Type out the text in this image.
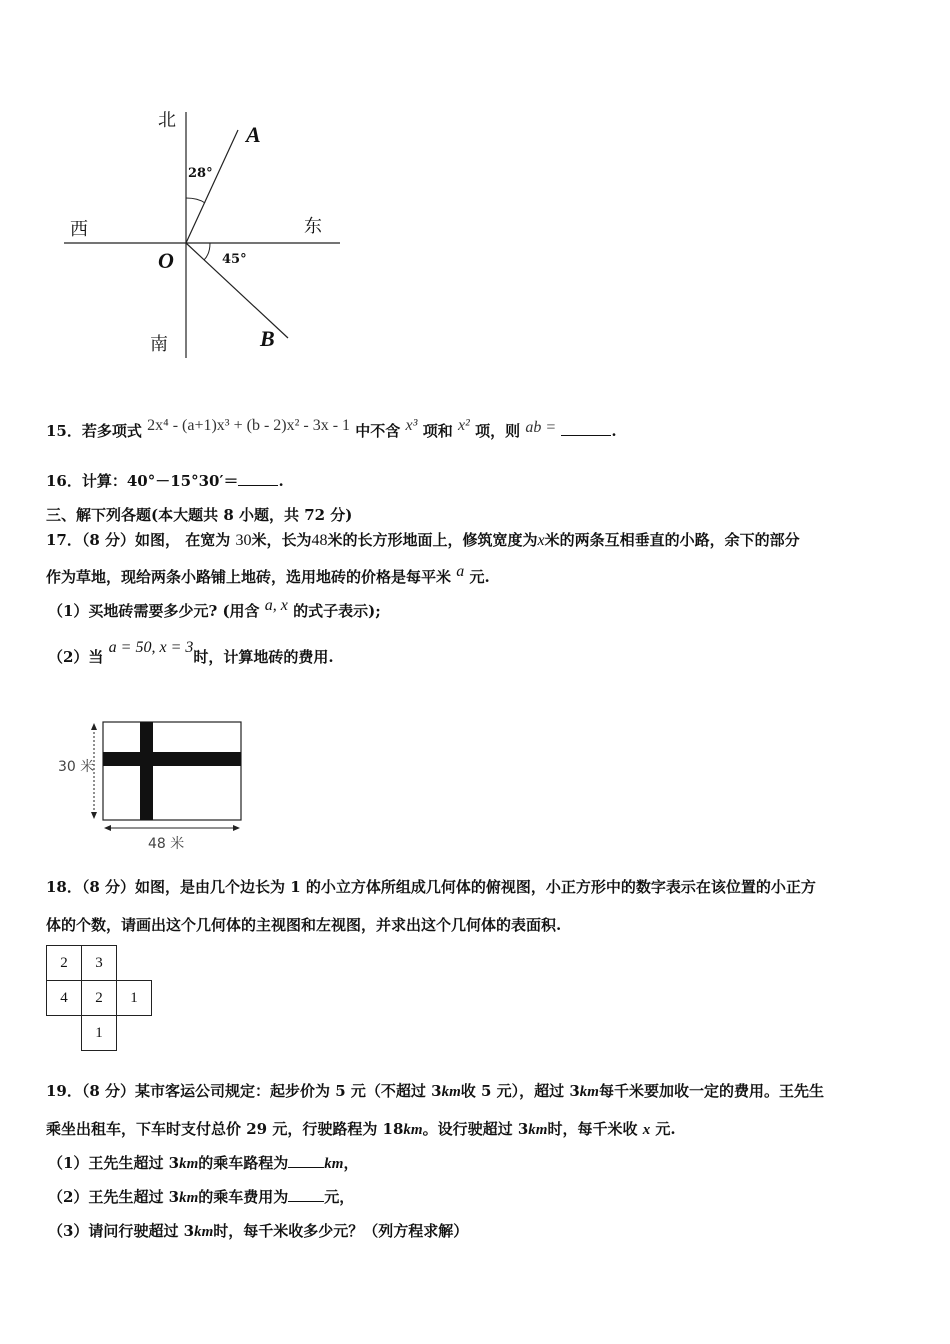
北
南
西	东
O
A
B
28°
45°
15．若多项式 2x⁴ - (a+1)x³ + (b - 2)x² - 3x - 1 中不含 x³ 项和 x² 项，则 ab =	.
16．计算：40°－15°30′＝	.
三、解下列各题(本大题共 8 小题，共 72 分)
17．（8 分）如图， 在宽为 30米，长为48米的长方形地面上，修筑宽度为x米的两条互相垂直的小路，余下的部分
作为草地，现给两条小路铺上地砖，选用地砖的价格是每平米 a 元.
（1）买地砖需要多少元? (用含 a, x 的式子表示);
（2）当 a = 50, x = 3时，计算地砖的费用.
30 米
48 米
18．（8 分）如图，是由几个边长为 1 的小立方体所组成几何体的俯视图，小正方形中的数字表示在该位置的小正方
体的个数，请画出这个几何体的主视图和左视图，并求出这个几何体的表面积.
2	3	
4	2	1
	1	
19．（8 分）某市客运公司规定：起步价为 5 元（不超过 3km收 5 元），超过 3km每千米要加收一定的费用。王先生
乘坐出租车，下车时支付总价 29 元，行驶路程为 18km。设行驶超过 3km时，每千米收 x 元.
（1）王先生超过 3km的乘车路程为 km，
（2）王先生超过 3km的乘车费用为 元，
（3）请问行驶超过 3km时，每千米收多少元？（列方程求解）
